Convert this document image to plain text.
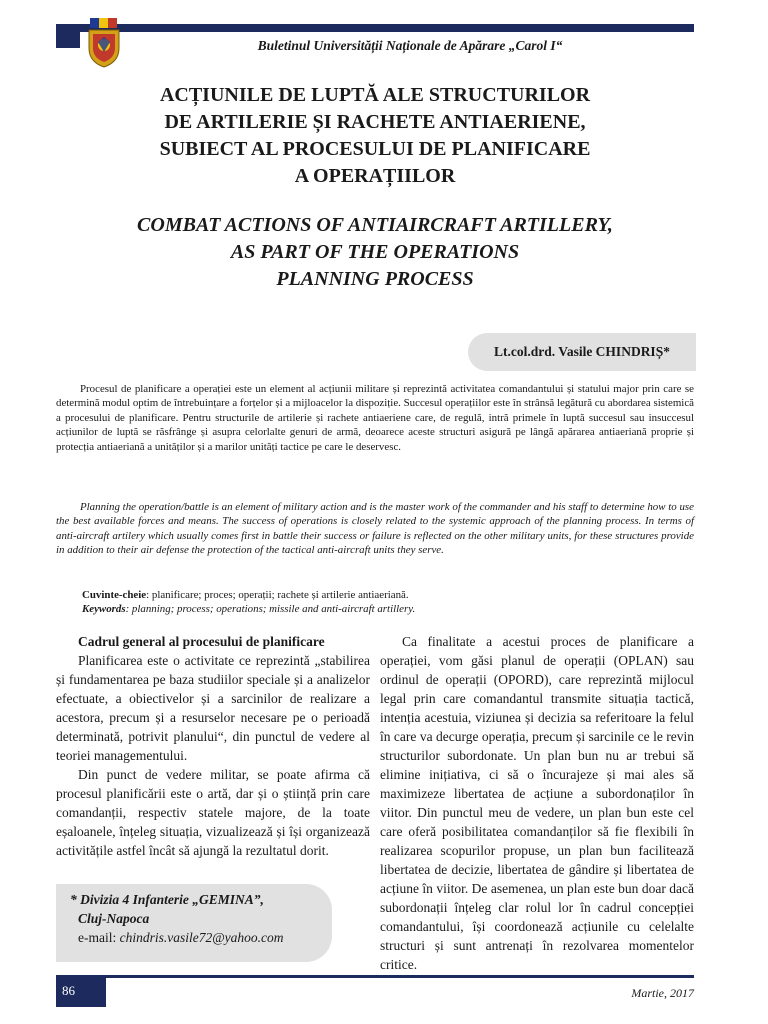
Buletinul Universității Naționale de Apărare „Carol I“
ACȚIUNILE DE LUPTĂ ALE STRUCTURILOR
DE ARTILERIE ȘI RACHETE ANTIAERIENE,
SUBIECT AL PROCESULUI DE PLANIFICARE
A OPERAȚIILOR
COMBAT ACTIONS OF ANTIAIRCRAFT ARTILLERY,
AS PART OF THE OPERATIONS
PLANNING PROCESS
Lt.col.drd. Vasile CHINDRIȘ*

Procesul de planificare a operației este un element al acțiunii militare și reprezintă activitatea comandantului și statului major prin care se determină modul optim de întrebuințare a forțelor și a mijloacelor la dispoziție. Succesul operațiilor este în strânsă legătură cu abordarea sistemică a procesului de planificare. Pentru structurile de artilerie și rachete antiaeriene care, de regulă, intră primele în luptă succesul sau insuccesul acțiunilor de luptă se răsfrânge și asupra celorlalte genuri de armă, deoarece aceste structuri asigură pe lângă apărarea antiaeriană proprie și protecția antiaeriană a unităților și a marilor unități tactice pe care le deservesc.

Planning the operation/battle is an element of military action and is the master work of the commander and his staff to determine how to use the best available forces and means. The success of operations is closely related to the systemic approach of the planning process. In terms of anti-aircraft artilery which usually comes first in battle their success or failure is reflected on the other military units, for these structures provide in addition to their air defense the protection of the tactical anti-aircraft units they serve.

Cuvinte-cheie: planificare; proces; operații; rachete și artilerie antiaeriană.

Keywords: planning; process; operations; missile and anti-aircraft artillery.

Cadrul general al procesului de planificare

Planificarea este o activitate ce reprezintă „stabilirea și fundamentarea pe baza studiilor speciale și a analizelor efectuate, a obiectivelor și a sarcinilor de realizare a acestora, precum și a resurselor necesare pe o perioadă determinată, potrivit planului“, din punctul de vedere al teoriei managementului.

Din punct de vedere militar, se poate afirma că procesul planificării este o artă, dar și o știință prin care comandanții, respectiv statele majore, de la toate eșaloanele, înțeleg situația, vizualizează și își organizează activitățile astfel încât să ajungă la rezultatul dorit.

Ca finalitate a acestui proces de planificare a operației, vom găsi planul de operații (OPLAN) sau ordinul de operații (OPORD), care reprezintă mijlocul legal prin care comandantul transmite situația tactică, intenția acestuia, viziunea și decizia sa referitoare la felul în care va decurge operația, precum și sarcinile ce le revin structurilor subordonate. Un plan bun nu ar trebui să elimine inițiativa, ci să o încurajeze și mai ales să maximizeze libertatea de acțiune a subordonaților în viitor. Din punctul meu de vedere, un plan bun este cel care oferă posibilitatea comandanților să fie flexibili în realizarea scopurilor propuse, un plan bun facilitează libertatea de decizie, libertatea de gândire și libertatea de acțiune în viitor. De asemenea, un plan este bun doar dacă subordonații înțeleg clar rolul lor în cadrul concepției comandantului, își coordonează acțiunile cu celelalte structuri și sunt antrenați în rezolvarea momentelor critice.

* Divizia 4 Infanterie „GEMINA”,
Cluj-Napoca
e-mail: chindris.vasile72@yahoo.com
86	Martie, 2017
